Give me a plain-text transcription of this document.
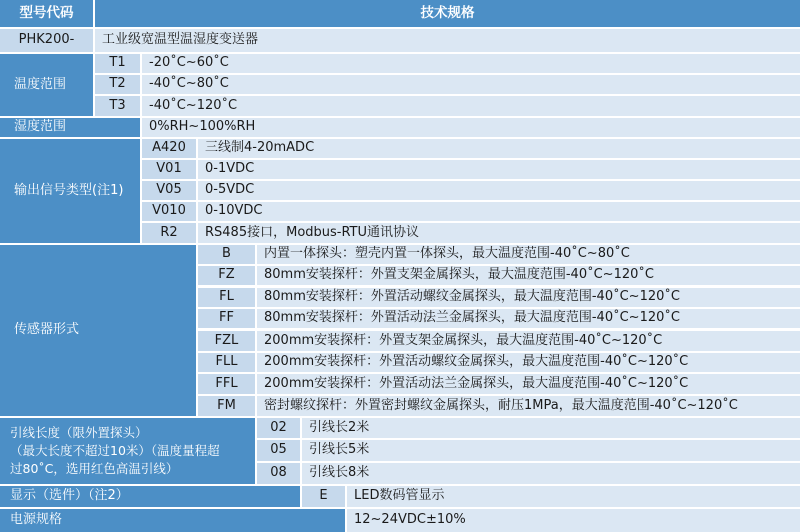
型号代码	技术规格
PHK200-	工业级宽温型温湿度变送器
温度范围
T1	-20˚C~60˚C
T2	-40˚C~80˚C
T3	-40˚C~120˚C
湿度范围	0%RH~100%RH
输出信号类型(注1)
A420	三线制4-20mADC
V01	0-1VDC
V05	0-5VDC
V010	0-10VDC
R2	RS485接口，Modbus-RTU通讯协议
传感器形式
B	内置一体探头：塑壳内置一体探头，最大温度范围-40˚C~80˚C
FZ	80mm安装探杆：外置支架金属探头，最大温度范围-40˚C~120˚C
FL	80mm安装探杆：外置活动螺纹金属探头，最大温度范围-40˚C~120˚C
FF	80mm安装探杆：外置活动法兰金属探头，最大温度范围-40˚C~120˚C
FZL	200mm安装探杆：外置支架金属探头，最大温度范围-40˚C~120˚C
FLL	200mm安装探杆：外置活动螺纹金属探头，最大温度范围-40˚C~120˚C
FFL	200mm安装探杆：外置活动法兰金属探头，最大温度范围-40˚C~120˚C
FM	密封螺纹探杆：外置密封螺纹金属探头，耐压1MPa，最大温度范围-40˚C~120˚C
引线长度（限外置探头）
（最大长度不超过10米）（温度量程超
过80˚C，选用红色高温引线）
02	引线长2米
05	引线长5米
08	引线长8米
显示（选件）（注2）	E	LED数码管显示
电源规格	12~24VDC±10%
